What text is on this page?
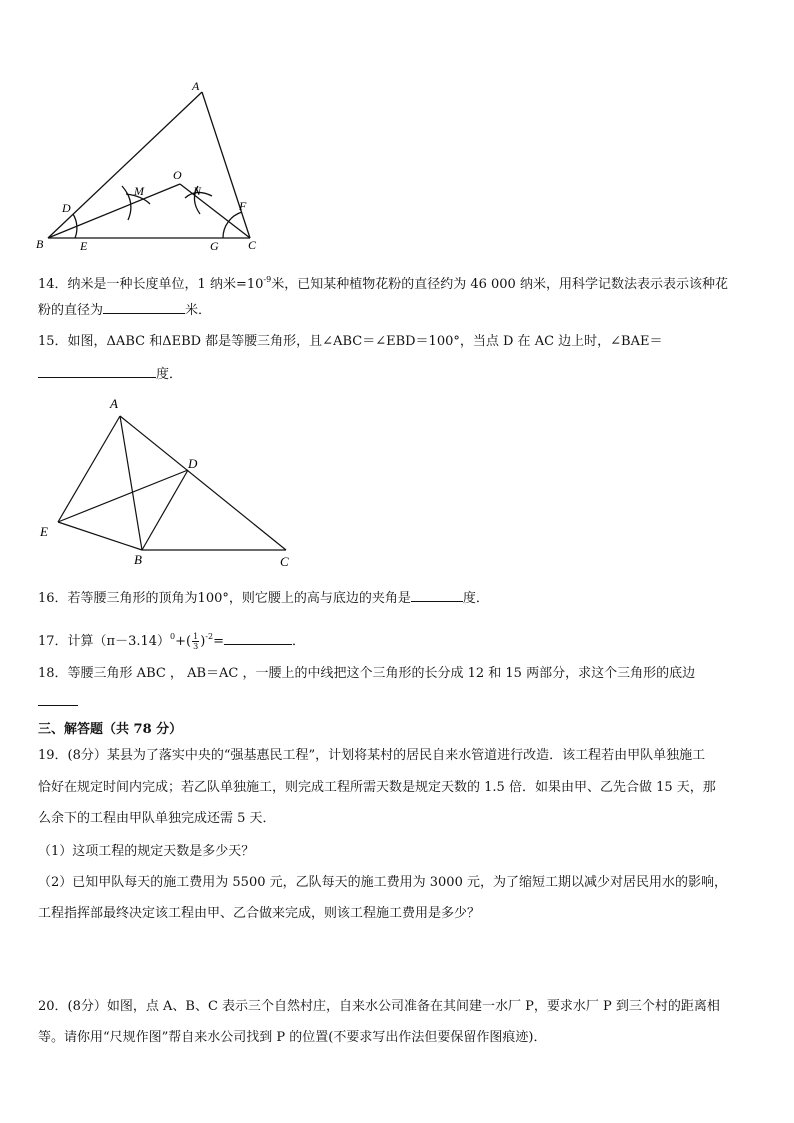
A
O
M	N
D	F
B	E	G C
14．纳米是一种长度单位，1 纳米$=10^{-9}$米，已知某种植物花粉的直径约为 46 000 纳米，用科学记数法表示表示该种花
粉的直径为	米．
15．如图，ΔABC 和ΔEBD 都是等腰三角形，且∠ABC＝∠EBD＝100°，当点 D 在 AC 边上时，∠BAE＝
度．
A
D
E
B	C
16．若等腰三角形的顶角为100°，则它腰上的高与底边的夹角是	度．
17．计算$(\pi-3.14)^0+( \frac{1}{3} )^{-2}=$	．
18．等腰三角形 ABC ， AB＝AC ，一腰上的中线把这个三角形的长分成 12 和 15 两部分，求这个三角形的底边
三、解答题（共 78 分）
19．(8分）某县为了落实中央的“强基惠民工程”，计划将某村的居民自来水管道进行改造．该工程若由甲队单独施工
恰好在规定时间内完成；若乙队单独施工，则完成工程所需天数是规定天数的 1.5 倍．如果由甲、乙先合做 15 天，那
么余下的工程由甲队单独完成还需 5 天．
（1）这项工程的规定天数是多少天？
（2）已知甲队每天的施工费用为 5500 元，乙队每天的施工费用为 3000 元，为了缩短工期以减少对居民用水的影响，
工程指挥部最终决定该工程由甲、乙合做来完成，则该工程施工费用是多少？
20．(8分）如图，点 A、B、C 表示三个自然村庄，自来水公司准备在其间建一水厂 P，要求水厂 P 到三个村的距离相
等。请你用“尺规作图”帮自来水公司找到 P 的位置(不要求写出作法但要保留作图痕迹)．
